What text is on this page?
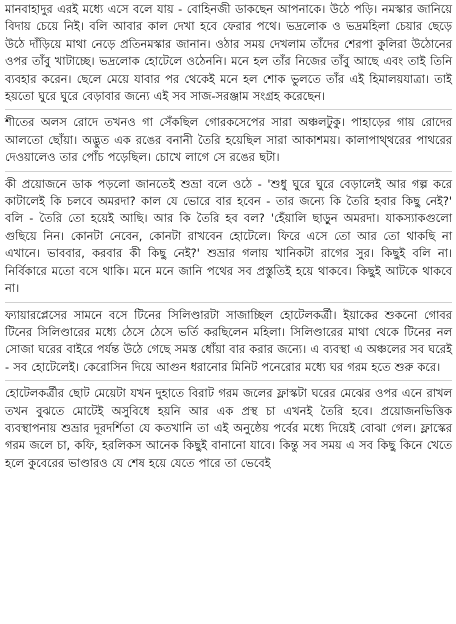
মানবাহাদুর এরই মধ্যে এসে বলে যায় - বোহিনজী ডাকছেন আপনাকে। উঠে পড়ি। নমস্কার জানিয়ে বিদায় চেয়ে নিই। বলি আবার কাল দেখা হবে ফেরার পথে। ভদ্রলোক ও ভদ্রমহিলা চেয়ার ছেড়ে উঠে দাঁড়িয়ে মাথা নেড়ে প্রতিনমস্কার জানান। ওঠার সময় দেখলাম তাঁদের শেরপা কুলিরা উঠোনের ওপর তাঁবু খাটাচ্ছে। ভদ্রলোক হোটেলে ওঠেননি। মনে হল তাঁর নিজের তাঁবু আছে এবং তাই তিনি ব্যবহার করেন। ছেলে মেয়ে যাবার পর থেকেই মনে হল শোক ভুলতে তাঁর এই হিমালয়যাত্রা। তাই হয়তো ঘুরে ঘুরে বেড়াবার জন্যে এই সব সাজ-সরঞ্জাম সংগ্রহ করেছেন।

শীতের অলস রোদে তখনও গা সেঁকছিল গোরকসেপের সারা অঞ্চলটুকু। পাহাড়ের গায় রোদের আলতো ছোঁয়া। অদ্ভুত এক রঙের বনানী তৈরি হয়েছিল সারা আকাশময়। কালাপাথ্থরের পাথরের দেওয়ালেও তার পোঁচ পড়েছিল। চোখে লাগে সে রঙের ছটা।

কী প্রয়োজনে ডাক পড়লো জানতেই শুভ্রা বলে ওঠে - 'শুধু ঘুরে ঘুরে বেড়ালেই আর গল্প করে কাটালেই কি চলবে অমরদা? কাল যে ভোরে বার হবেন - তার জন্যে কি তৈরি হবার কিছু নেই?' বলি - তৈরি তো হয়েই আছি। আর কি তৈরি হব বল? 'হেঁয়ালি ছাড়ুন অমরদা। যাকস্যাকগুলো গুছিয়ে নিন। কোনটা নেবেন, কোনটা রাখবেন হোটেলে। ফিরে এসে তো আর তো থাকছি না এখানে। ভাববার, করবার কী কিছু নেই?' শুভ্রার গলায় খানিকটা রাগের সুর। কিছুই বলি না। নির্বিকারে মতো বসে থাকি। মনে মনে জানি পথের সব প্রস্তুতিই হয়ে থাকবে। কিছুই আটকে থাকবে না।

ফ্যায়ারপ্লেসের সামনে বসে টিনের সিলিণ্ডারটা সাজাচ্ছিল হোটেলকর্ত্রী। ইয়াকের শুকনো গোবর টিনের সিলিণ্ডারের মধ্যে ঠেসে ঠেসে ভর্তি করছিলেন মহিলা। সিলিণ্ডারের মাথা থেকে টিনের নল সোজা ঘরের বাইরে পর্যন্ত উঠে গেছে সমস্ত ধোঁয়া বার করার জন্যে। এ ব্যবস্থা এ অঞ্চলের সব ঘরেই - সব হোটেলেই। কেরোসিন দিয়ে আগুন ধরানোর মিনিট পনেরোর মধ্যে ঘর গরম হতে শুরু করে।

হোটেলকর্ত্রীর ছোট মেয়েটা যখন দুহাতে বিরাট গরম জলের ফ্লাস্কটা ঘরের মেঝের ওপর এনে রাখল তখন বুঝতে মোটেই অসুবিধে হয়নি আর এক প্রস্থ চা এখনই তৈরি হবে। প্রয়োজনভিত্তিক ব্যবস্থাপনায় শুভ্রার দূরদর্শিতা যে কতখানি তা এই অনুষ্ঠেয় পর্বের মধ্যে দিয়েই বোঝা গেল। ফ্লাস্কের গরম জলে চা, কফি, হরলিকস আনেক কিছুই বানানো যাবে। কিন্তু সব সময় এ সব কিছু কিনে খেতে হলে কুবেরের ভাণ্ডারও যে শেষ হয়ে যেতে পারে তা ভেবেই
